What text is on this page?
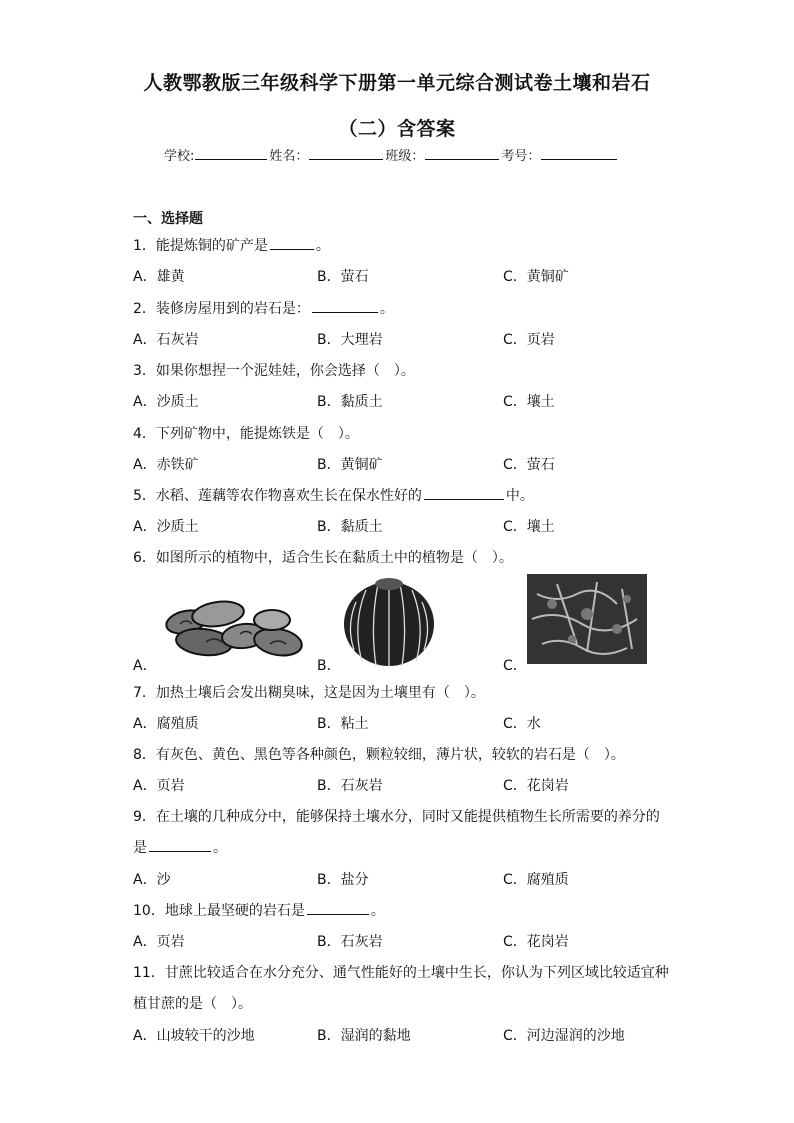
人教鄂教版三年级科学下册第一单元综合测试卷土壤和岩石
（二）含答案
学校:	姓名：	班级：	考号：
一、选择题
1．能提炼铜的矿产是	。
A．雄黄	B．萤石	C．黄铜矿
2．装修房屋用到的岩石是：	。
A．石灰岩	B．大理岩	C．页岩
3．如果你想捏一个泥娃娃，你会选择（　）。
A．沙质土	B．黏质土	C．壤土
4．下列矿物中，能提炼铁是（　）。
A．赤铁矿	B．黄铜矿	C．萤石
5．水稻、莲藕等农作物喜欢生长在保水性好的	中。
A．沙质土	B．黏质土	C．壤土
6．如图所示的植物中，适合生长在黏质土中的植物是（　）。
A．	B．	C．
7．加热土壤后会发出糊臭味，这是因为土壤里有（　）。
A．腐殖质	B．粘土	C．水
8．有灰色、黄色、黑色等各种颜色，颗粒较细，薄片状，较软的岩石是（　）。
A．页岩	B．石灰岩	C．花岗岩
9．在土壤的几种成分中，能够保持土壤水分，同时又能提供植物生长所需要的养分的
是	。
A．沙	B．盐分	C．腐殖质
10．地球上最坚硬的岩石是	。
A．页岩	B．石灰岩	C．花岗岩
11．甘蔗比较适合在水分充分、通气性能好的土壤中生长，你认为下列区域比较适宜种
植甘蔗的是（　）。
A．山坡较干的沙地	B．湿润的黏地	C．河边湿润的沙地
